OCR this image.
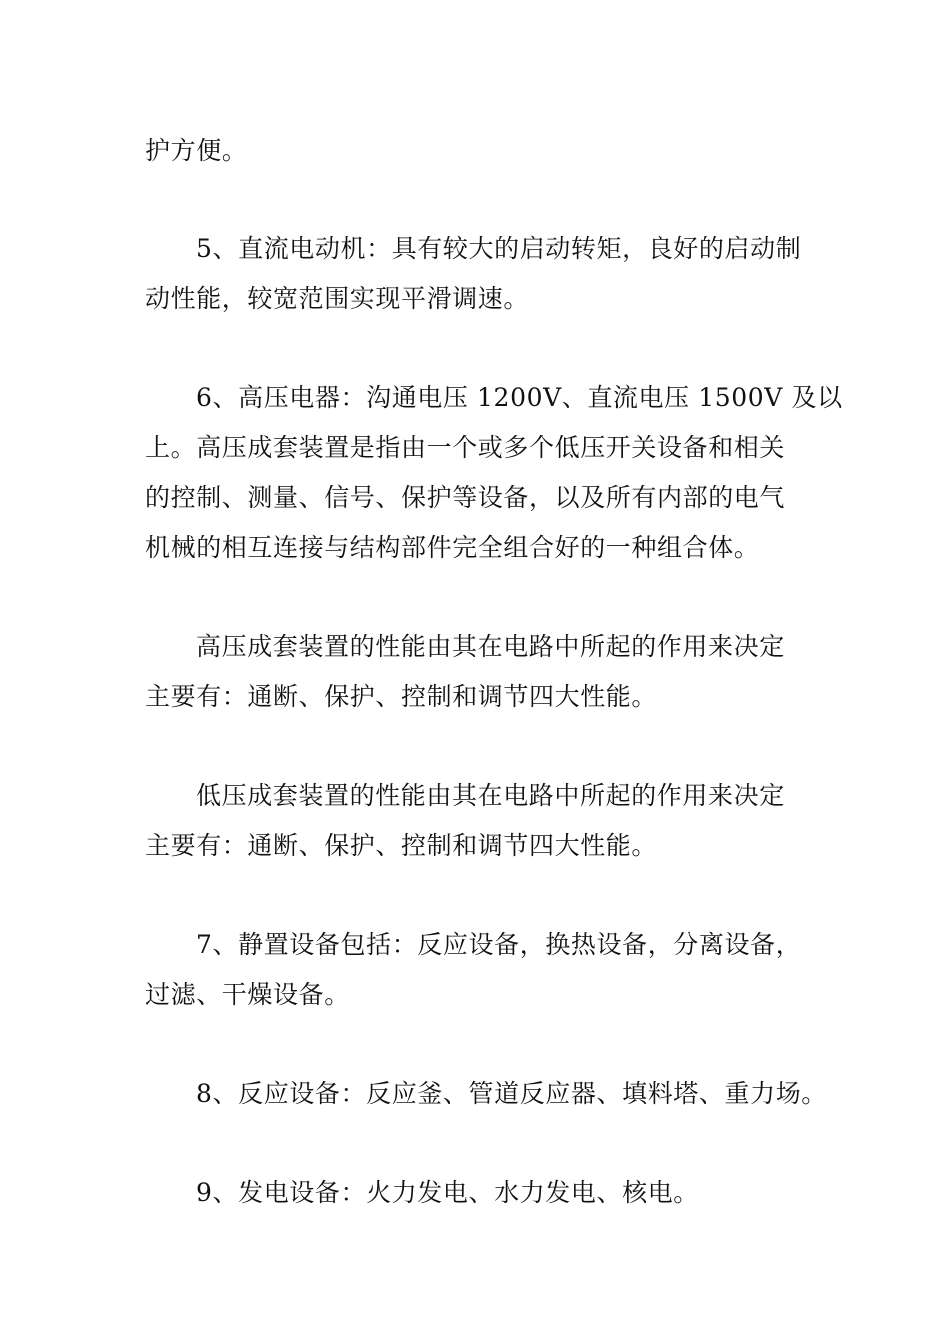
护方便。
5、直流电动机：具有较大的启动转矩，良好的启动制
动性能，较宽范围实现平滑调速。
6、高压电器：沟通电压 1200V、直流电压 1500V 及以
上。高压成套装置是指由一个或多个低压开关设备和相关
的控制、测量、信号、保护等设备，以及所有内部的电气
机械的相互连接与结构部件完全组合好的一种组合体。
高压成套装置的性能由其在电路中所起的作用来决定
主要有：通断、保护、控制和调节四大性能。
低压成套装置的性能由其在电路中所起的作用来决定
主要有：通断、保护、控制和调节四大性能。
7、静置设备包括：反应设备，换热设备，分离设备，
过滤、干燥设备。
8、反应设备：反应釜、管道反应器、填料塔、重力场。
9、发电设备：火力发电、水力发电、核电。
